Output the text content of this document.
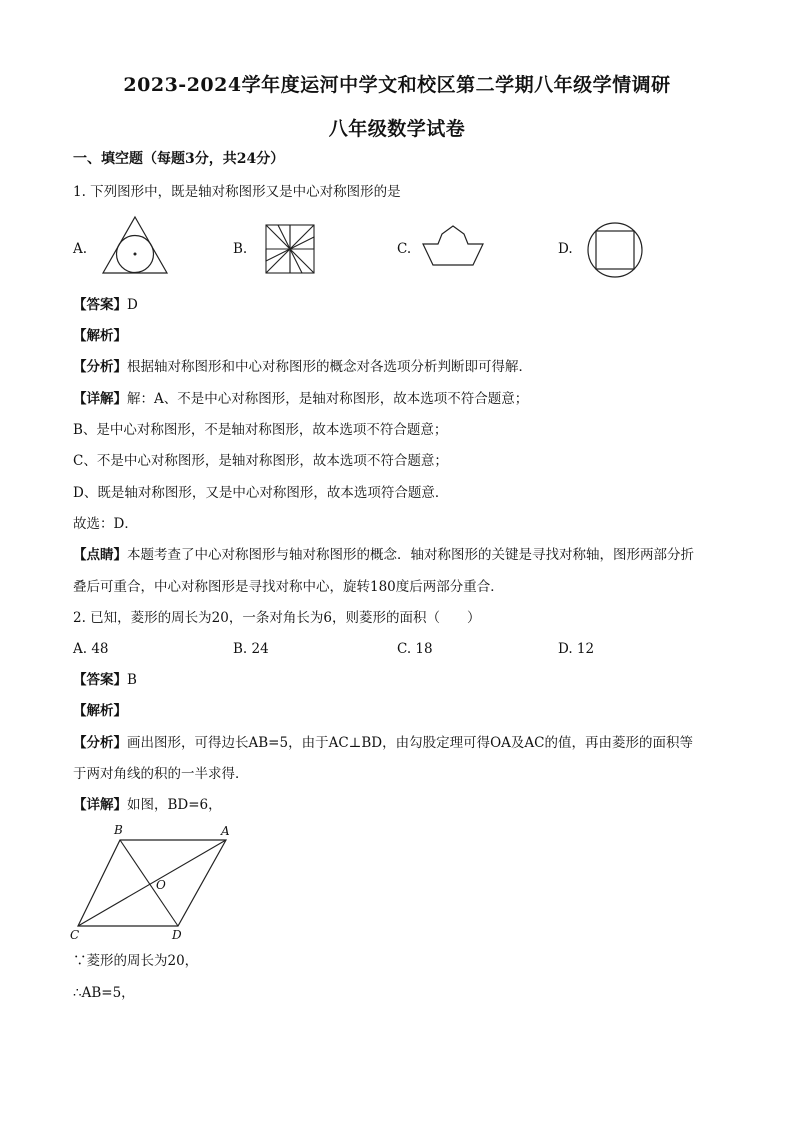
2023-2024学年度运河中学文和校区第二学期八年级学情调研
八年级数学试卷
一、填空题（每题3分，共24分）
1. 下列图形中，既是轴对称图形又是中心对称图形的是
A.	B.	C.	D.
【答案】D
【解析】
【分析】根据轴对称图形和中心对称图形的概念对各选项分析判断即可得解．
【详解】解：A、不是中心对称图形，是轴对称图形，故本选项不符合题意；
B、是中心对称图形，不是轴对称图形，故本选项不符合题意；
C、不是中心对称图形，是轴对称图形，故本选项不符合题意；
D、既是轴对称图形，又是中心对称图形，故本选项符合题意．
故选：D．
【点睛】本题考查了中心对称图形与轴对称图形的概念．轴对称图形的关键是寻找对称轴，图形两部分折
叠后可重合，中心对称图形是寻找对称中心，旋转180度后两部分重合．
2. 已知，菱形的周长为20，一条对角长为6，则菱形的面积（　　）
A. 48	B. 24	C. 18	D. 12
【答案】B
【解析】
【分析】画出图形，可得边长AB=5，由于AC⊥BD，由勾股定理可得OA及AC的值，再由菱形的面积等
于两对角线的积的一半求得．
【详解】如图，BD=6，
B	A
O
C	D
∵菱形的周长为20，
∴AB=5，
